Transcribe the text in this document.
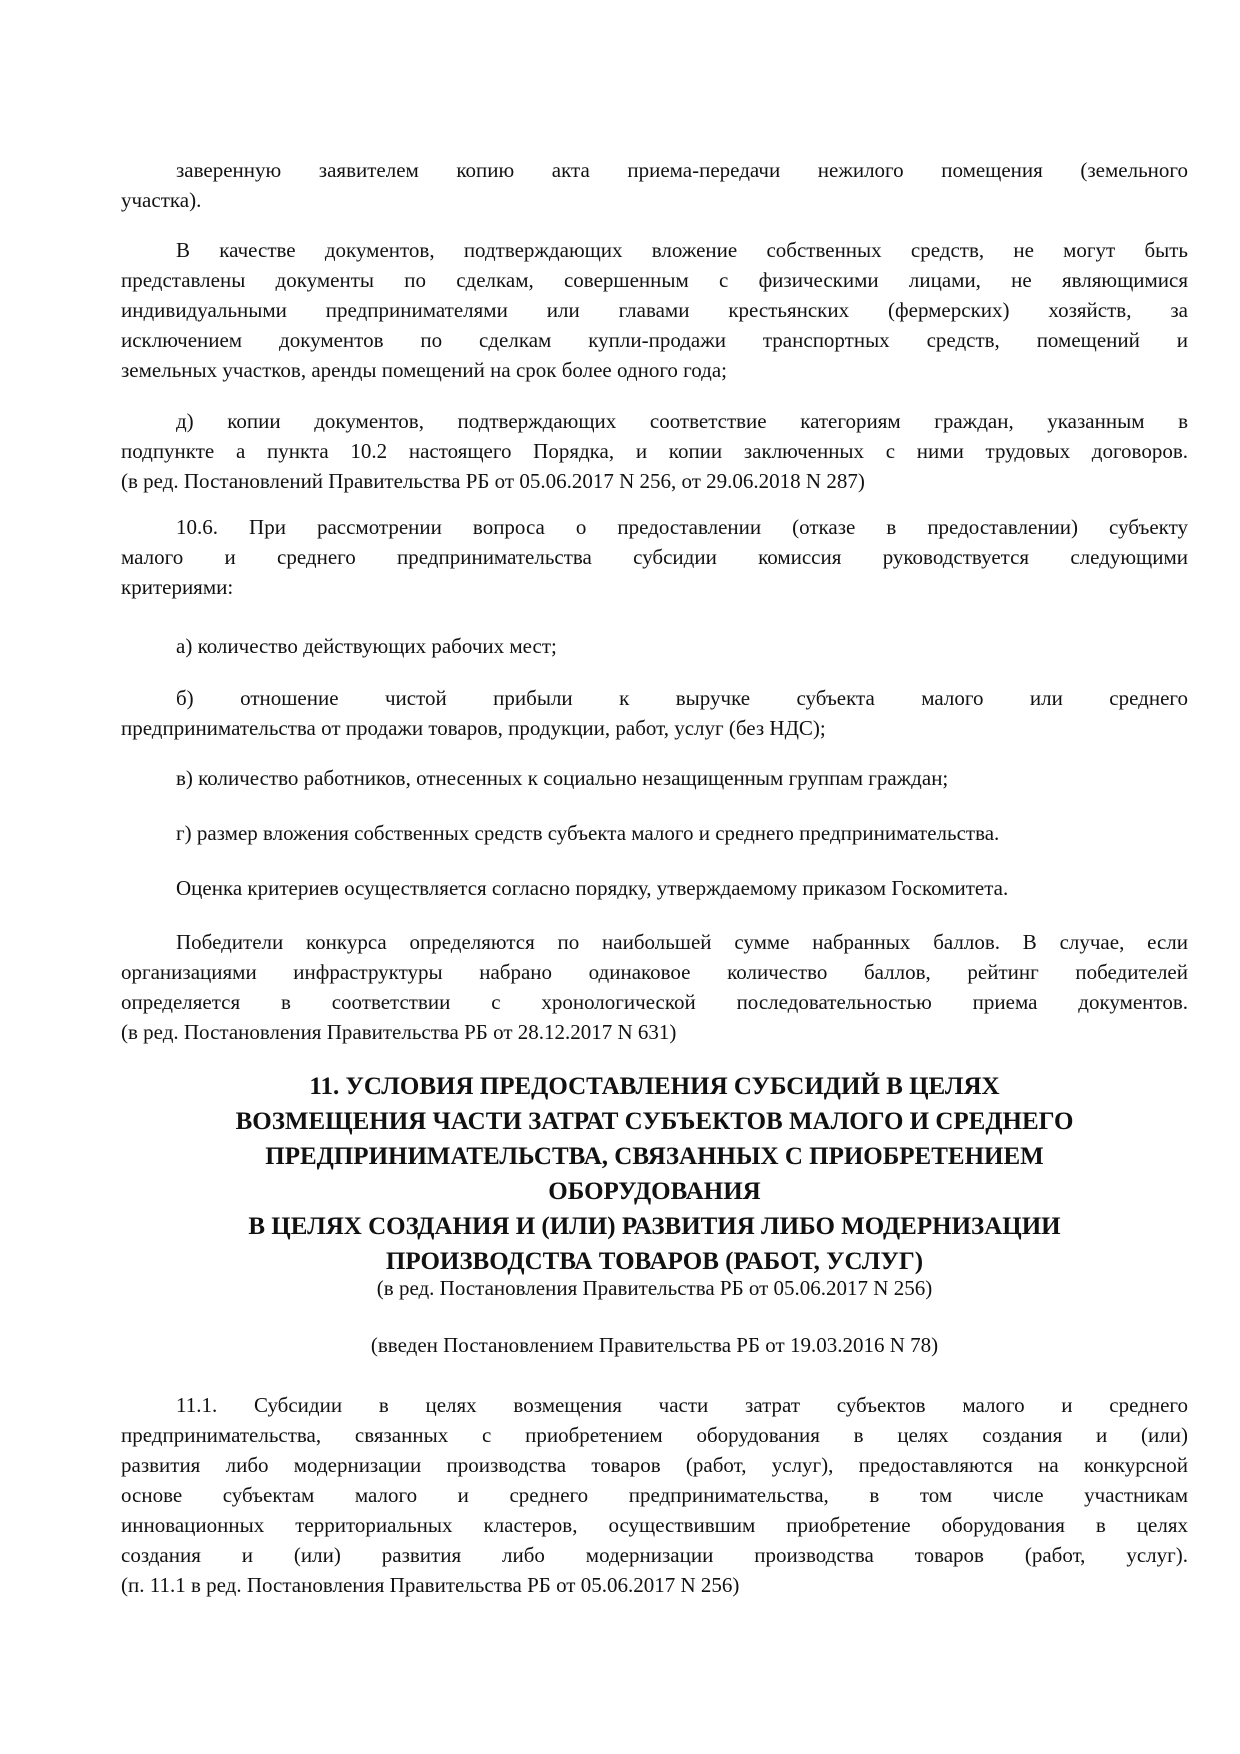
11. УСЛОВИЯ ПРЕДОСТАВЛЕНИЯ СУБСИДИЙ В ЦЕЛЯХ
ВОЗМЕЩЕНИЯ ЧАСТИ ЗАТРАТ СУБЪЕКТОВ МАЛОГО И СРЕДНЕГО
ПРЕДПРИНИМАТЕЛЬСТВА, СВЯЗАННЫХ С ПРИОБРЕТЕНИЕМ
ОБОРУДОВАНИЯ
В ЦЕЛЯХ СОЗДАНИЯ И (ИЛИ) РАЗВИТИЯ ЛИБО МОДЕРНИЗАЦИИ
ПРОИЗВОДСТВА ТОВАРОВ (РАБОТ, УСЛУГ)
(в ред. Постановления Правительства РБ от 05.06.2017 N 256)
(введен Постановлением Правительства РБ от 19.03.2016 N 78)
заверенную заявителем копию акта приема-передачи нежилого помещения (земельного
участка).
В качестве документов, подтверждающих вложение собственных средств, не могут быть
представлены документы по сделкам, совершенным с физическими лицами, не являющимися
индивидуальными предпринимателями или главами крестьянских (фермерских) хозяйств, за
исключением документов по сделкам купли-продажи транспортных средств, помещений и
земельных участков, аренды помещений на срок более одного года;
д) копии документов, подтверждающих соответствие категориям граждан, указанным в
подпункте а пункта 10.2 настоящего Порядка, и копии заключенных с ними трудовых договоров.
(в ред. Постановлений Правительства РБ от 05.06.2017 N 256, от 29.06.2018 N 287)
10.6. При рассмотрении вопроса о предоставлении (отказе в предоставлении) субъекту
малого и среднего предпринимательства субсидии комиссия руководствуется следующими
критериями:
а) количество действующих рабочих мест;
б) отношение чистой прибыли к выручке субъекта малого или среднего
предпринимательства от продажи товаров, продукции, работ, услуг (без НДС);
в) количество работников, отнесенных к социально незащищенным группам граждан;
г) размер вложения собственных средств субъекта малого и среднего предпринимательства.
Оценка критериев осуществляется согласно порядку, утверждаемому приказом Госкомитета.
Победители конкурса определяются по наибольшей сумме набранных баллов. В случае, если
организациями инфраструктуры набрано одинаковое количество баллов, рейтинг победителей
определяется в соответствии с хронологической последовательностью приема документов.
(в ред. Постановления Правительства РБ от 28.12.2017 N 631)
11.1. Субсидии в целях возмещения части затрат субъектов малого и среднего
предпринимательства, связанных с приобретением оборудования в целях создания и (или)
развития либо модернизации производства товаров (работ, услуг), предоставляются на конкурсной
основе субъектам малого и среднего предпринимательства, в том числе участникам
инновационных территориальных кластеров, осуществившим приобретение оборудования в целях
создания и (или) развития либо модернизации производства товаров (работ, услуг).
(п. 11.1 в ред. Постановления Правительства РБ от 05.06.2017 N 256)
